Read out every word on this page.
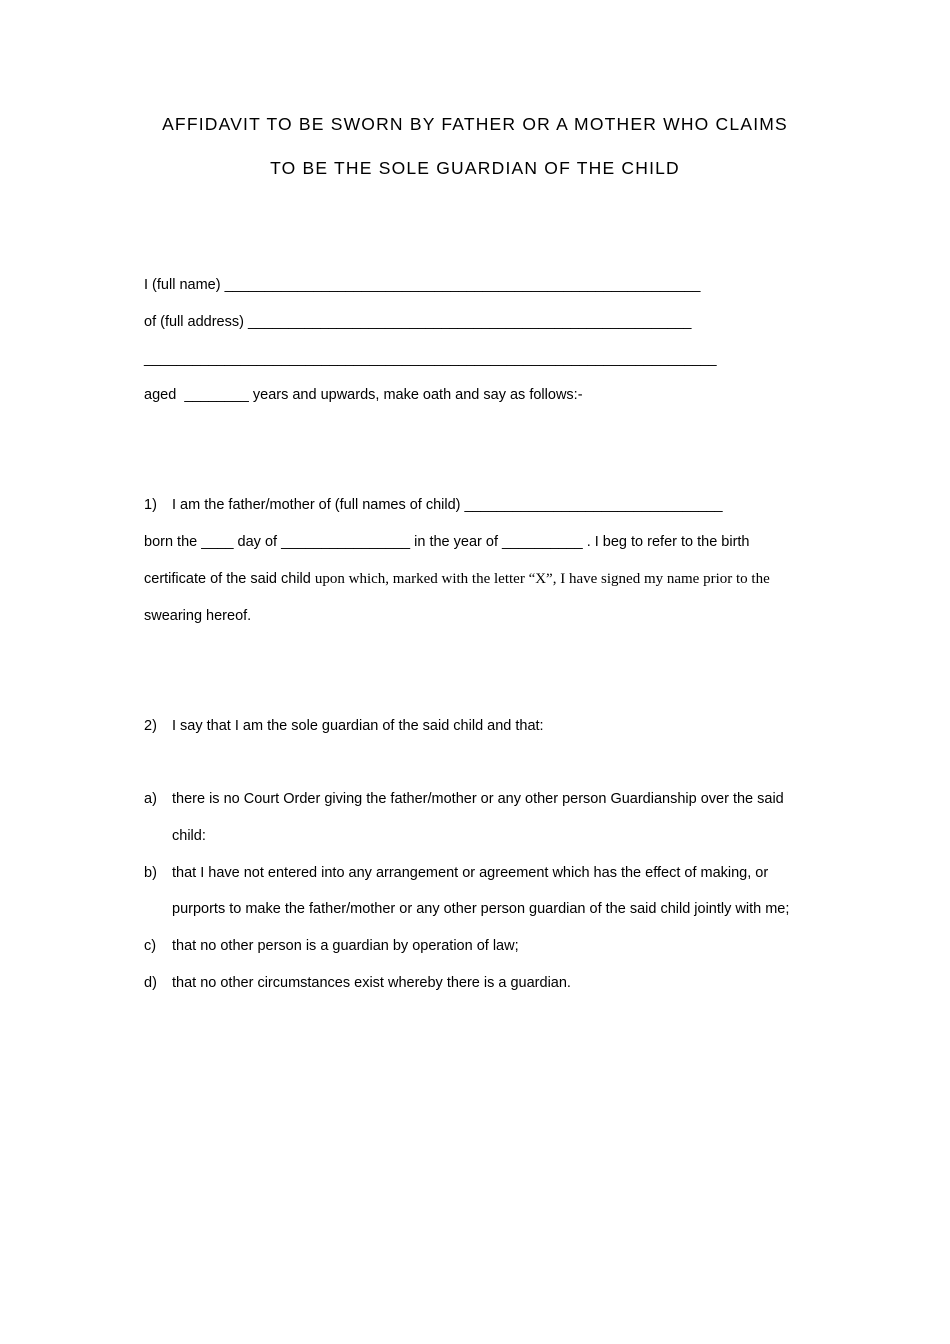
AFFIDAVIT TO BE SWORN BY FATHER OR A MOTHER WHO CLAIMS
TO BE THE SOLE GUARDIAN OF THE CHILD
I (full name) ___________________________________________________________
of (full address) _______________________________________________________
_______________________________________________________________________
aged ________ years and upwards, make oath and say as follows:-
1) I am the father/mother of (full names of child) ________________________________
born the ____ day of ________________ in the year of __________ . I beg to refer to the birth
certificate of the said child upon which, marked with the letter “X”, I have signed my name prior to the
swearing hereof.
2) I say that I am the sole guardian of the said child and that:
a) there is no Court Order giving the father/mother or any other person Guardianship over the said
child:
b) that I have not entered into any arrangement or agreement which has the effect of making, or
purports to make the father/mother or any other person guardian of the said child jointly with me;
c) that no other person is a guardian by operation of law;
d) that no other circumstances exist whereby there is a guardian.
